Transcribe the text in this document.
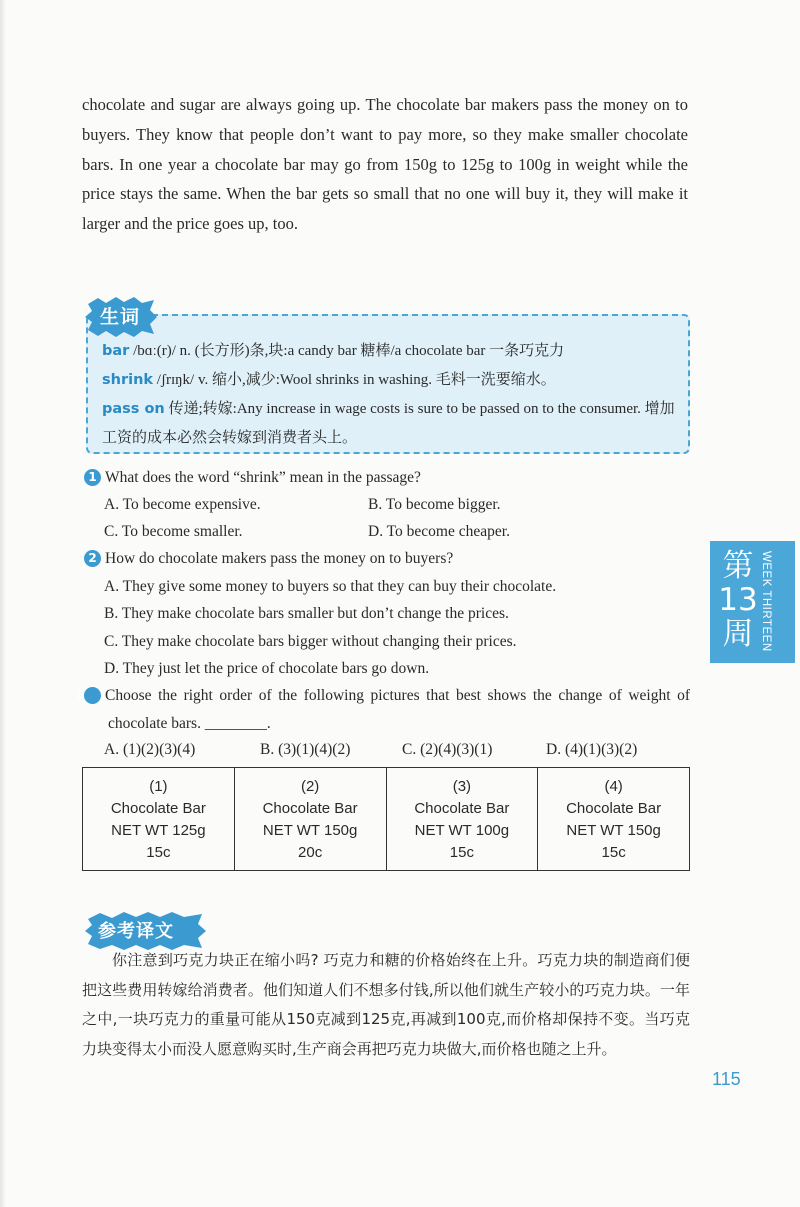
chocolate and sugar are always going up. The chocolate bar makers pass the money on to buyers. They know that people don’t want to pay more, so they make smaller chocolate bars. In one year a chocolate bar may go from 150g to 125g to 100g in weight while the price stays the same. When the bar gets so small that no one will buy it, they will make it larger and the price goes up, too.

生词
bar /bɑː(r)/ n. (长方形)条,块:a candy bar 糖棒/a chocolate bar 一条巧克力
shrink /ʃrɪŋk/ v. 缩小,减少:Wool shrinks in washing. 毛料一洗要缩水。
pass on 传递;转嫁:Any increase in wage costs is sure to be passed on to the consumer. 增加工资的成本必然会转嫁到消费者头上。
1 What does the word “shrink” mean in the passage?
A. To become expensive.	B. To become bigger.
C. To become smaller.	D. To become cheaper.
2 How do chocolate makers pass the money on to buyers?
A. They give some money to buyers so that they can buy their chocolate.
B. They make chocolate bars smaller but don’t change the prices.
C. They make chocolate bars bigger without changing their prices.
D. They just let the price of chocolate bars go down.
3 Choose the right order of the following pictures that best shows the change of weight of chocolate bars. ________.
A. (1)(2)(3)(4)	B. (3)(1)(4)(2)	C. (2)(4)(3)(1)	D. (4)(1)(3)(2)
第13周 WEEK THIRTEEN
(1)
Chocolate Bar
NET WT 125g
15c

(2)
Chocolate Bar
NET WT 150g
20c

(3)
Chocolate Bar
NET WT 100g
15c

(4)
Chocolate Bar
NET WT 150g
15c
参考译文

你注意到巧克力块正在缩小吗? 巧克力和糖的价格始终在上升。巧克力块的制造商们便把这些费用转嫁给消费者。他们知道人们不想多付钱,所以他们就生产较小的巧克力块。一年之中,一块巧克力的重量可能从150克减到125克,再减到100克,而价格却保持不变。当巧克力块变得太小而没人愿意购买时,生产商会再把巧克力块做大,而价格也随之上升。

115
